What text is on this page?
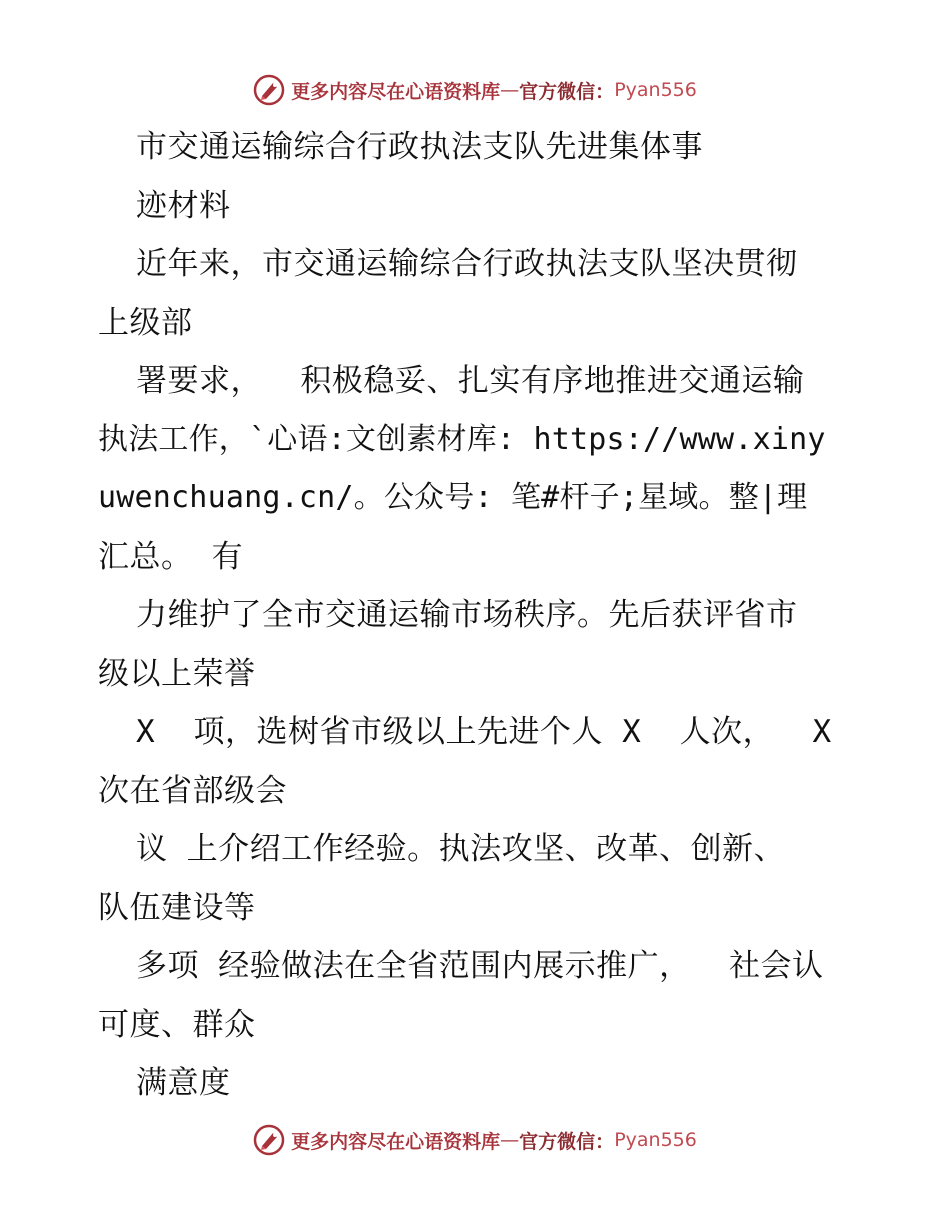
更多内容尽在心语资料库 — 官方微信： Pyan556
市交通运输综合行政执法支队先进集体事
迹材料
近年来，市交通运输综合行政执法支队坚决贯彻
上级部
署要求，  积极稳妥、扎实有序地推进交通运输
执法工作，`心语:文创素材库: https://www.xiny
uwenchuang.cn/。公众号: 笔#杆子;星域。整|理
汇总。 有
力维护了全市交通运输市场秩序。先后获评省市
级以上荣誉
X  项，选树省市级以上先进个人 X  人次，  X
次在省部级会
议 上介绍工作经验。执法攻坚、改革、创新、
队伍建设等
多项 经验做法在全省范围内展示推广，  社会认
可度、群众
满意度
更多内容尽在心语资料库 — 官方微信： Pyan556
